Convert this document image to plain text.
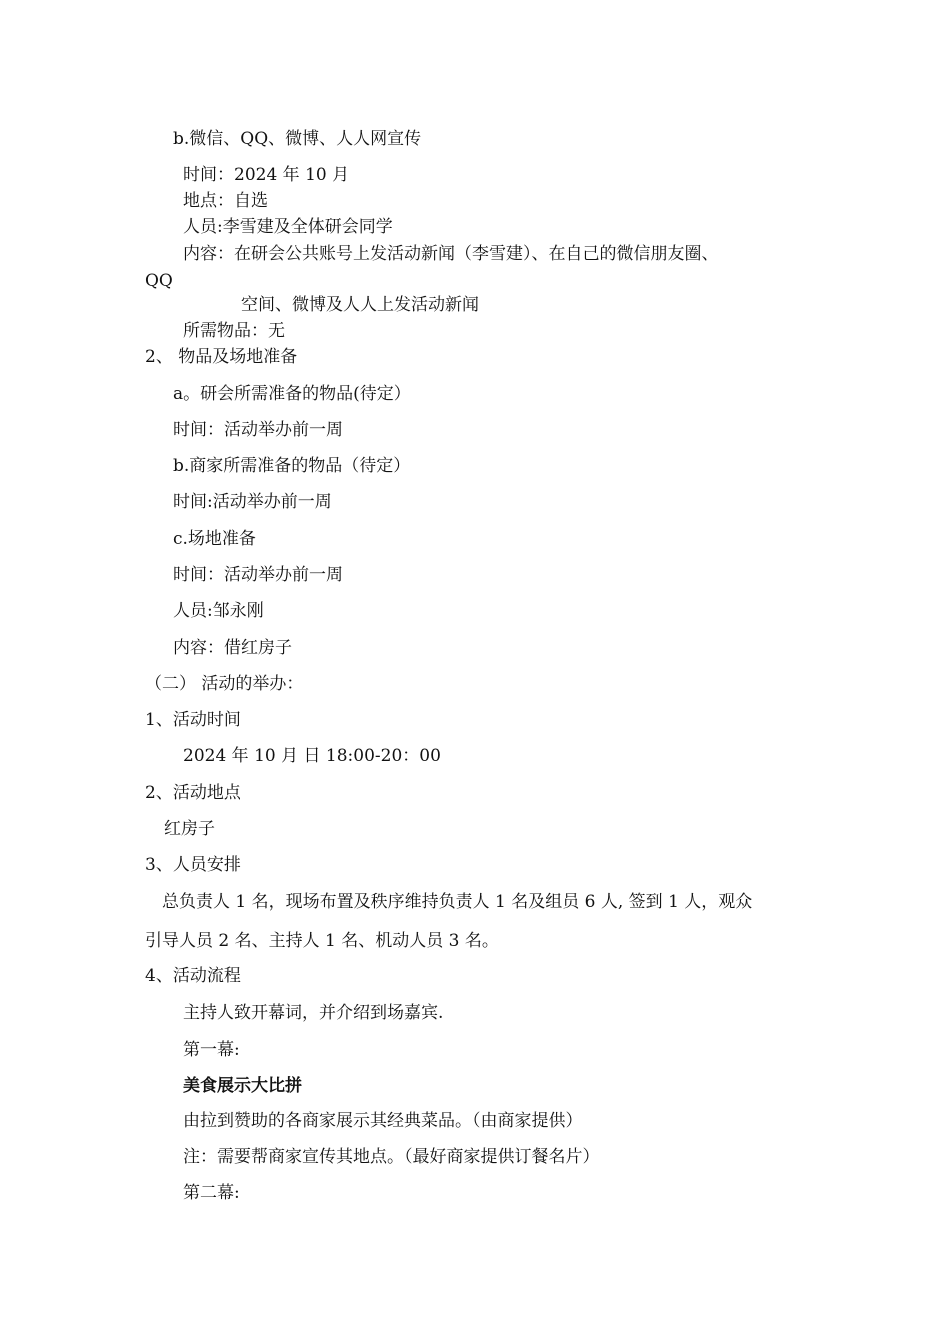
b.微信、QQ、微博、人人网宣传
时间：2024 年 10 月
地点：自选
人员:李雪建及全体研会同学
内容：在研会公共账号上发活动新闻（李雪建）、在自己的微信朋友圈、
QQ
空间、微博及人人上发活动新闻
所需物品：无
2、 物品及场地准备
a。研会所需准备的物品(待定）
时间：活动举办前一周
b.商家所需准备的物品（待定）
时间:活动举办前一周
c.场地准备
时间：活动举办前一周
人员:邹永刚
内容：借红房子
（二） 活动的举办：
1、活动时间
2024 年 10 月 日 18:00-20：00
2、活动地点
红房子
3、人员安排
总负责人 1 名，现场布置及秩序维持负责人 1 名及组员 6 人, 签到 1 人，观众
引导人员 2 名、主持人 1 名、机动人员 3 名。
4、活动流程
主持人致开幕词，并介绍到场嘉宾.
第一幕:
美食展示大比拼
由拉到赞助的各商家展示其经典菜品。（由商家提供）
注：需要帮商家宣传其地点。（最好商家提供订餐名片）
第二幕:
